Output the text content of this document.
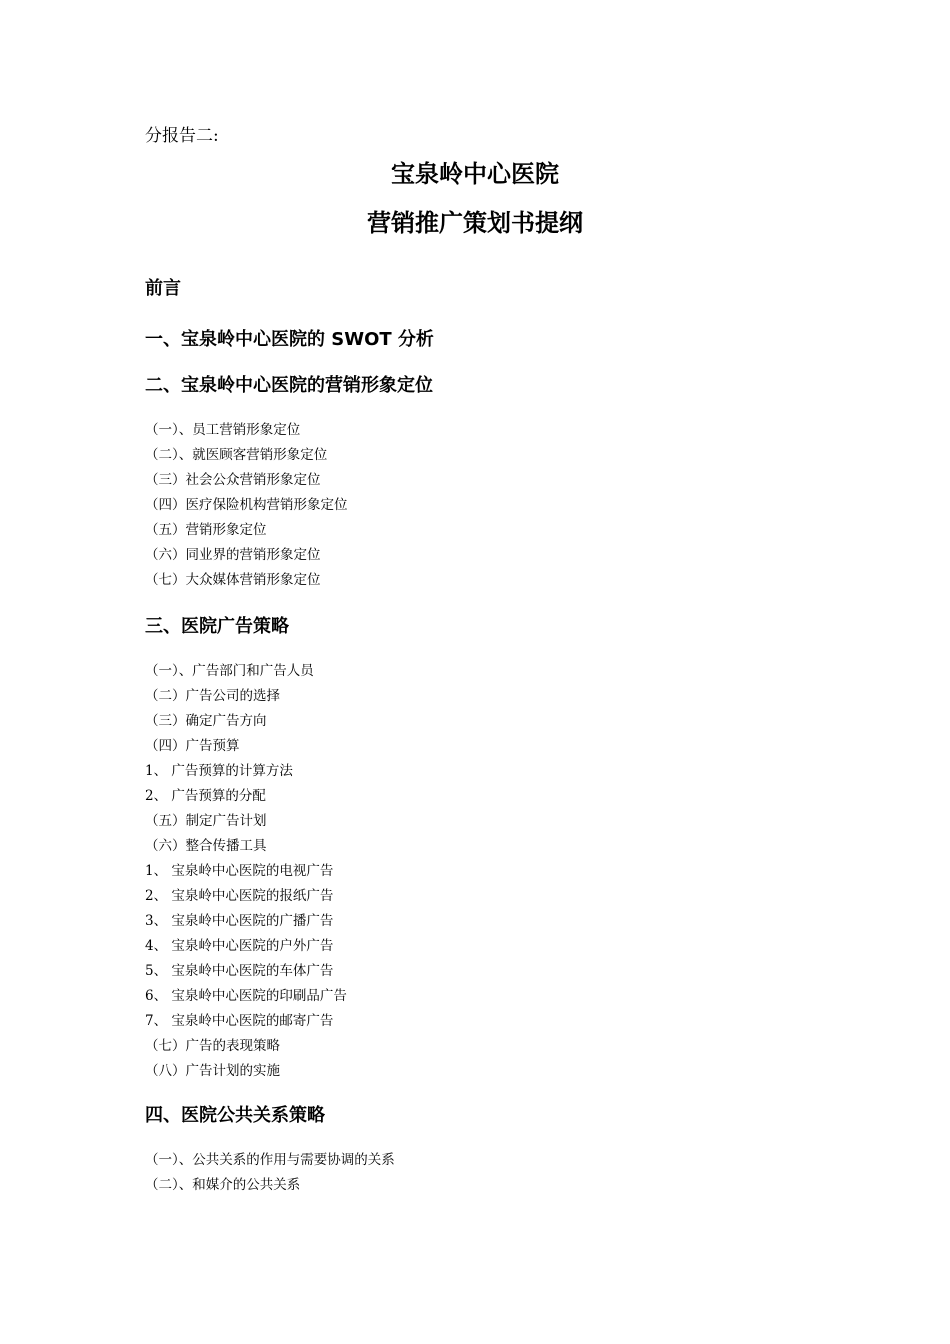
分报告二:
宝泉岭中心医院
营销推广策划书提纲
前言
一、宝泉岭中心医院的 SWOT 分析
二、宝泉岭中心医院的营销形象定位
（一）、员工营销形象定位
（二）、就医顾客营销形象定位
（三）社会公众营销形象定位
（四）医疗保险机构营销形象定位
（五）营销形象定位
（六）同业界的营销形象定位
（七）大众媒体营销形象定位
三、医院广告策略
（一）、广告部门和广告人员
（二）广告公司的选择
（三）确定广告方向
（四）广告预算
1、 广告预算的计算方法
2、 广告预算的分配
（五）制定广告计划
（六）整合传播工具
1、 宝泉岭中心医院的电视广告
2、 宝泉岭中心医院的报纸广告
3、 宝泉岭中心医院的广播广告
4、 宝泉岭中心医院的户外广告
5、 宝泉岭中心医院的车体广告
6、 宝泉岭中心医院的印刷品广告
7、 宝泉岭中心医院的邮寄广告
（七）广告的表现策略
（八）广告计划的实施
四、医院公共关系策略
（一）、公共关系的作用与需要协调的关系
（二）、和媒介的公共关系
